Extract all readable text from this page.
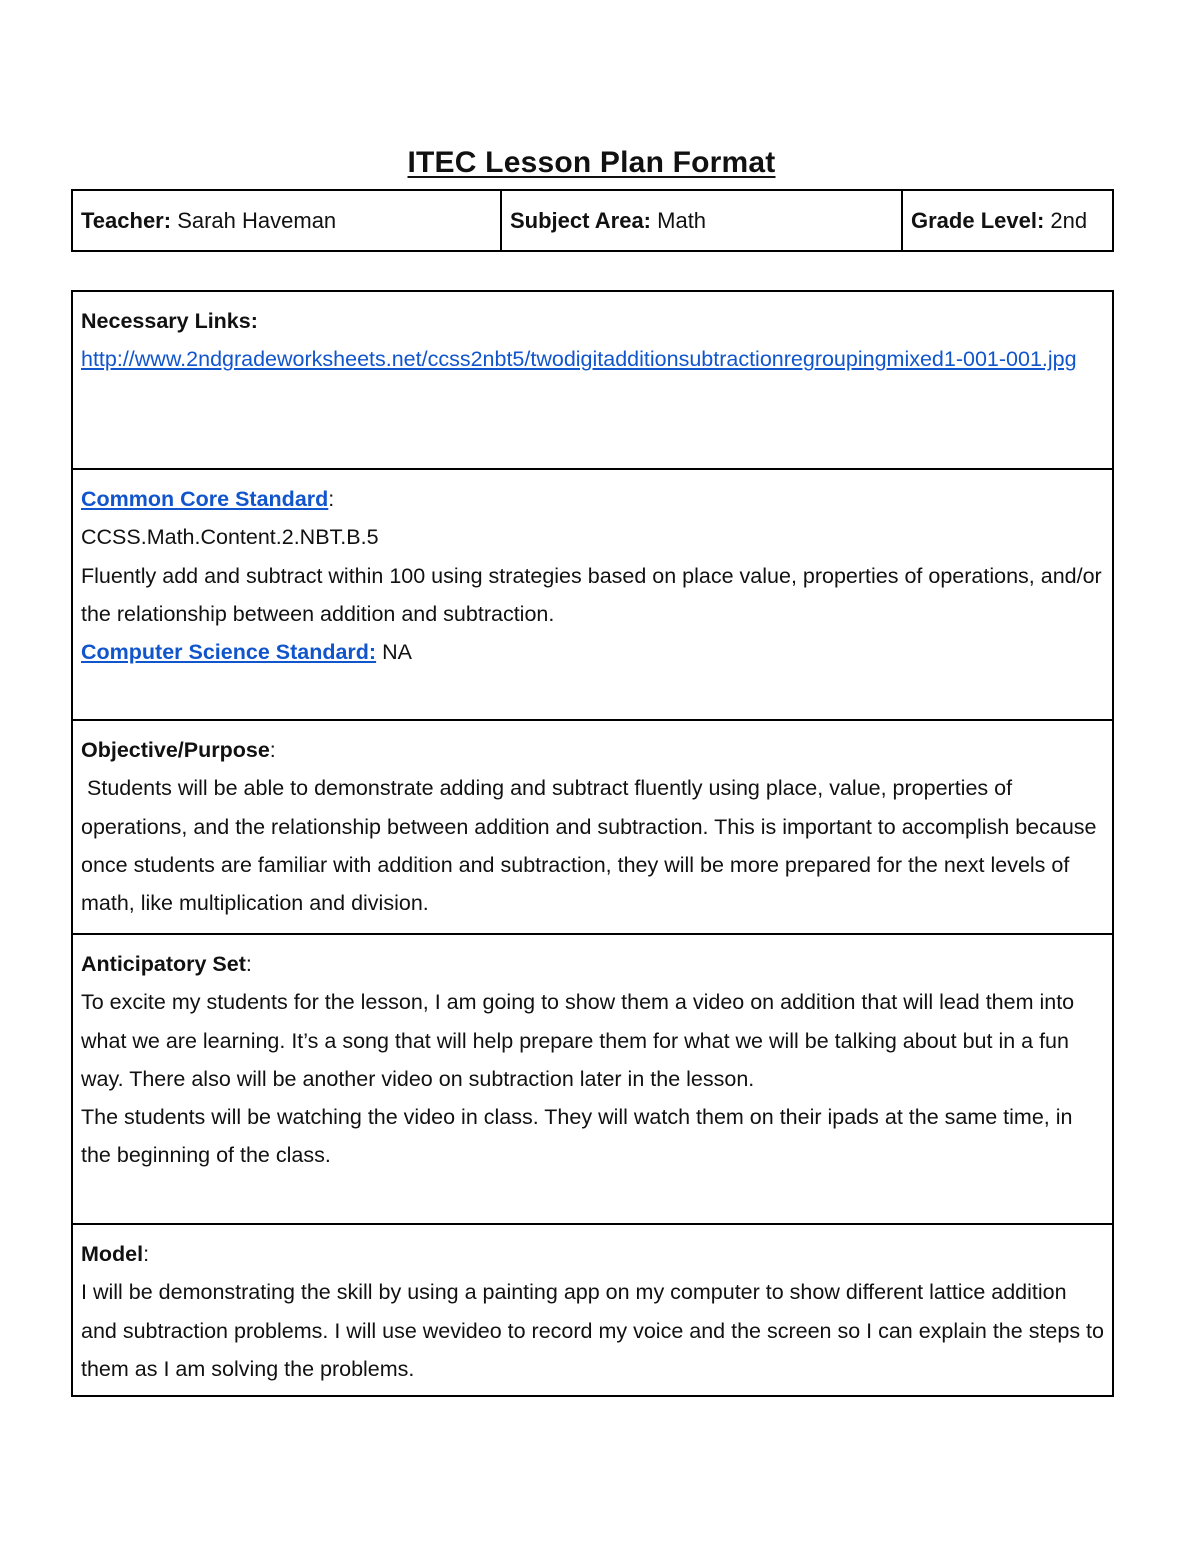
ITEC Lesson Plan Format
Teacher: Sarah Haveman	Subject Area: Math	Grade Level: 2nd

Necessary Links:

http://www.2ndgradeworksheets.net/ccss2nbt5/twodigitadditionsubtractionregroupingmixed1-001-001.jpg

Common Core Standard:

CCSS.Math.Content.2.NBT.B.5

Fluently add and subtract within 100 using strategies based on place value, properties of operations, and/or the relationship between addition and subtraction.

Computer Science Standard: NA

Objective/Purpose:

Students will be able to demonstrate adding and subtract fluently using place, value, properties of operations, and the relationship between addition and subtraction. This is important to accomplish because once students are familiar with addition and subtraction, they will be more prepared for the next levels of math, like multiplication and division.

Anticipatory Set:

To excite my students for the lesson, I am going to show them a video on addition that will lead them into what we are learning. It’s a song that will help prepare them for what we will be talking about but in a fun way. There also will be another video on subtraction later in the lesson.

The students will be watching the video in class. They will watch them on their ipads at the same time, in the beginning of the class.

Model:

I will be demonstrating the skill by using a painting app on my computer to show different lattice addition and subtraction problems. I will use wevideo to record my voice and the screen so I can explain the steps to them as I am solving the problems.
